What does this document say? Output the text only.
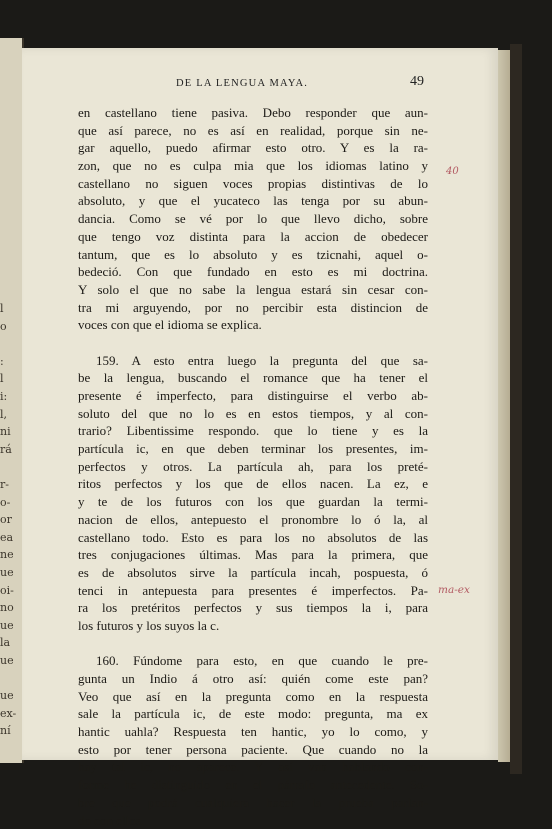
l
o
:
l
i:
l,
ni
rá
r-
o-
or
ea
ne
ue
oi-
no
ue
la
ue
ue
ex-
ní
DE LA LENGUA MAYA.	49
en castellano tiene pasiva. Debo responder que aun-
que así parece, no es así en realidad, porque sin ne-
gar aquello, puedo afirmar esto otro. Y es la ra-
zon, que no es culpa mia que los idiomas latino y
castellano no siguen voces propias distintivas de lo
absoluto, y que el yucateco las tenga por su abun-
dancia. Como se vé por lo que llevo dicho, sobre
que tengo voz distinta para la accion de obedecer
tantum, que es lo absoluto y es tzicnahi, aquel o-
bedeció. Con que fundado en esto es mi doctrina.
Y solo el que no sabe la lengua estará sin cesar con-
tra mi arguyendo, por no percibir esta distincion de
voces con que el idioma se explica.
159. A esto entra luego la pregunta del que sa-
be la lengua, buscando el romance que ha tener el
presente é imperfecto, para distinguirse el verbo ab-
soluto del que no lo es en estos tiempos, y al con-
trario? Libentissime respondo. que lo tiene y es la
partícula ic, en que deben terminar los presentes, im-
perfectos y otros. La partícula ah, para los preté-
ritos perfectos y los que de ellos nacen. La ez, e
y te de los futuros con los que guardan la termi-
nacion de ellos, antepuesto el pronombre lo ó la, al
castellano todo. Esto es para los no absolutos de las
tres conjugaciones últimas. Mas para la primera, que
es de absolutos sirve la partícula incah, pospuesta, ó
tenci in antepuesta para presentes é imperfectos. Pa-
ra los pretéritos perfectos y sus tiempos la i, para
los futuros y los suyos la c.
160. Fúndome para esto, en que cuando le pre-
gunta un Indio á otro así: quién come este pan?
Veo que así en la pregunta como en la respuesta
sale la partícula ic, de este modo: pregunta, ma ex
hantic uahla? Respuesta ten hantic, yo lo como, y
esto por tener persona paciente. Que cuando no la
hay tal ic, no aparece. Y así van hablando con-
forme he distinguido en el párrafo antecedente. So-
bre que podrá cualquiera hacer la prueba parlan-
do con ellos.
40
ma-ex
